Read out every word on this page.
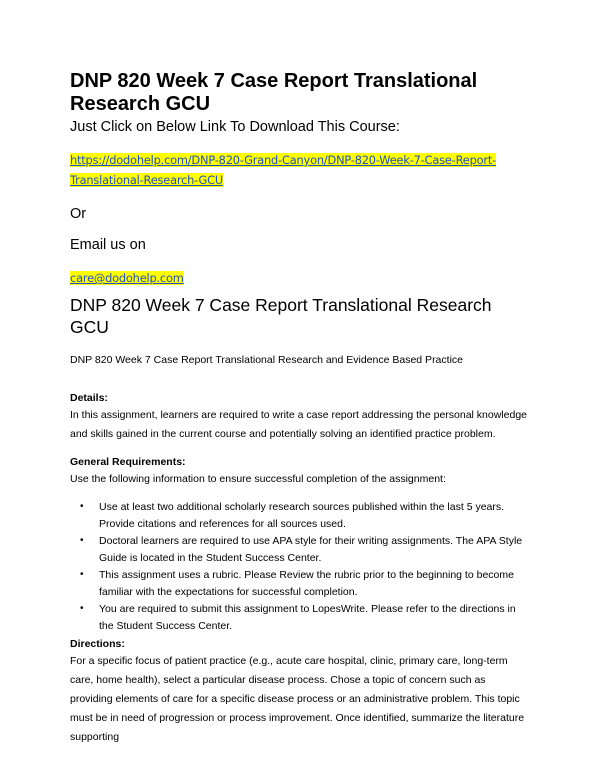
DNP 820 Week 7 Case Report Translational Research GCU
Just Click on Below Link To Download This Course:
https://dodohelp.com/DNP-820-Grand-Canyon/DNP-820-Week-7-Case-Report-
Translational-Research-GCU
Or
Email us on
care@dodohelp.com
DNP 820 Week 7 Case Report Translational Research GCU
DNP 820 Week 7 Case Report Translational Research and Evidence Based Practice
Details:
In this assignment, learners are required to write a case report addressing the personal knowledge and skills gained in the current course and potentially solving an identified practice problem.
General Requirements:
Use the following information to ensure successful completion of the assignment:
• Use at least two additional scholarly research sources published within the last 5 years. Provide citations and references for all sources used.
• Doctoral learners are required to use APA style for their writing assignments. The APA Style Guide is located in the Student Success Center.
• This assignment uses a rubric. Please Review the rubric prior to the beginning to become familiar with the expectations for successful completion.
• You are required to submit this assignment to LopesWrite. Please refer to the directions in the Student Success Center.
Directions:
For a specific focus of patient practice (e.g., acute care hospital, clinic, primary care, long-term care, home health), select a particular disease process. Chose a topic of concern such as providing elements of care for a specific disease process or an administrative problem. This topic must be in need of progression or process improvement. Once identified, summarize the literature supporting
